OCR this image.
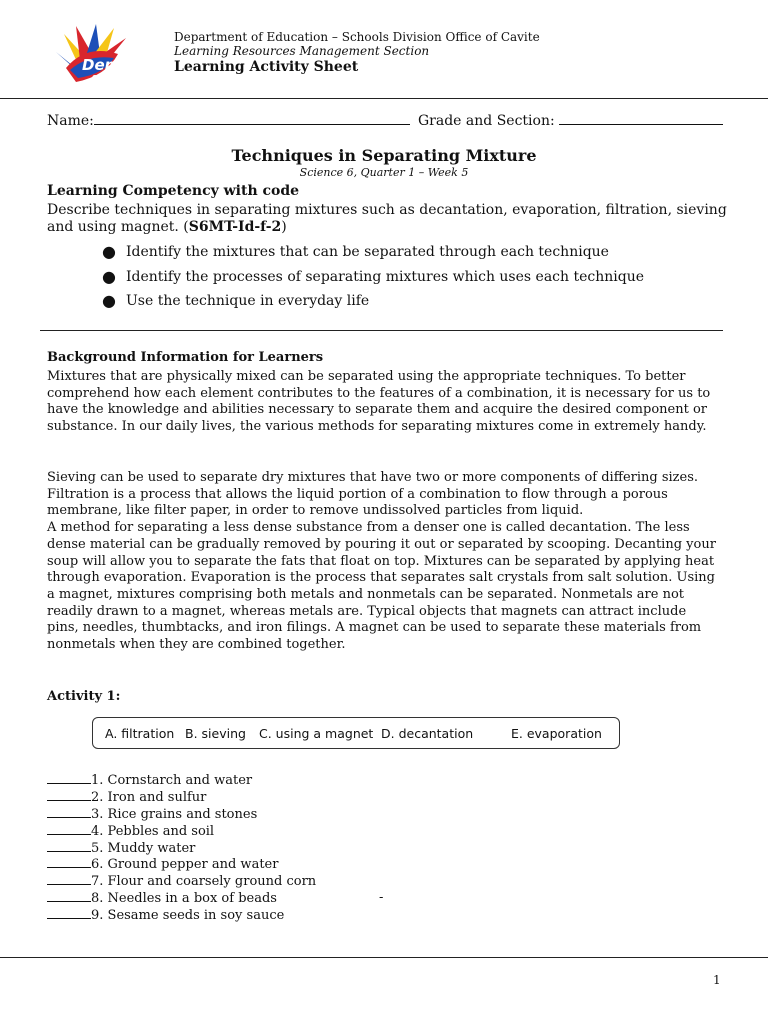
DepED
CAVITE
Department of Education – Schools Division Office of Cavite
Learning Resources Management Section
Learning Activity Sheet
Name:	Grade and Section:
Techniques in Separating Mixture
Science 6, Quarter 1 – Week 5
Learning Competency with code
Describe techniques in separating mixtures such as decantation, evaporation, filtration, sieving and using magnet. (S6MT-Id-f-2)
● Identify the mixtures that can be separated through each technique
● Identify the processes of separating mixtures which uses each technique
● Use the technique in everyday life
Background Information for Learners
Mixtures that are physically mixed can be separated using the appropriate techniques. To better comprehend how each element contributes to the features of a combination, it is necessary for us to have the knowledge and abilities necessary to separate them and acquire the desired component or substance. In our daily lives, the various methods for separating mixtures come in extremely handy.
Sieving can be used to separate dry mixtures that have two or more components of differing sizes. Filtration is a process that allows the liquid portion of a combination to flow through a porous membrane, like filter paper, in order to remove undissolved particles from liquid.
A method for separating a less dense substance from a denser one is called decantation. The less dense material can be gradually removed by pouring it out or separated by scooping. Decanting your soup will allow you to separate the fats that float on top. Mixtures can be separated by applying heat through evaporation. Evaporation is the process that separates salt crystals from salt solution. Using a magnet, mixtures comprising both metals and nonmetals can be separated. Nonmetals are not readily drawn to a magnet, whereas metals are. Typical objects that magnets can attract include pins, needles, thumbtacks, and iron filings. A magnet can be used to separate these materials from nonmetals when they are combined together.
Activity 1:
A. filtration B. sieving C. using a magnet D. decantation	E. evaporation
1. Cornstarch and water
2. Iron and sulfur
3. Rice grains and stones
4. Pebbles and soil
5. Muddy water
6. Ground pepper and water
7. Flour and coarsely ground corn
8. Needles in a box of beads
9. Sesame seeds in soy sauce
-
1
